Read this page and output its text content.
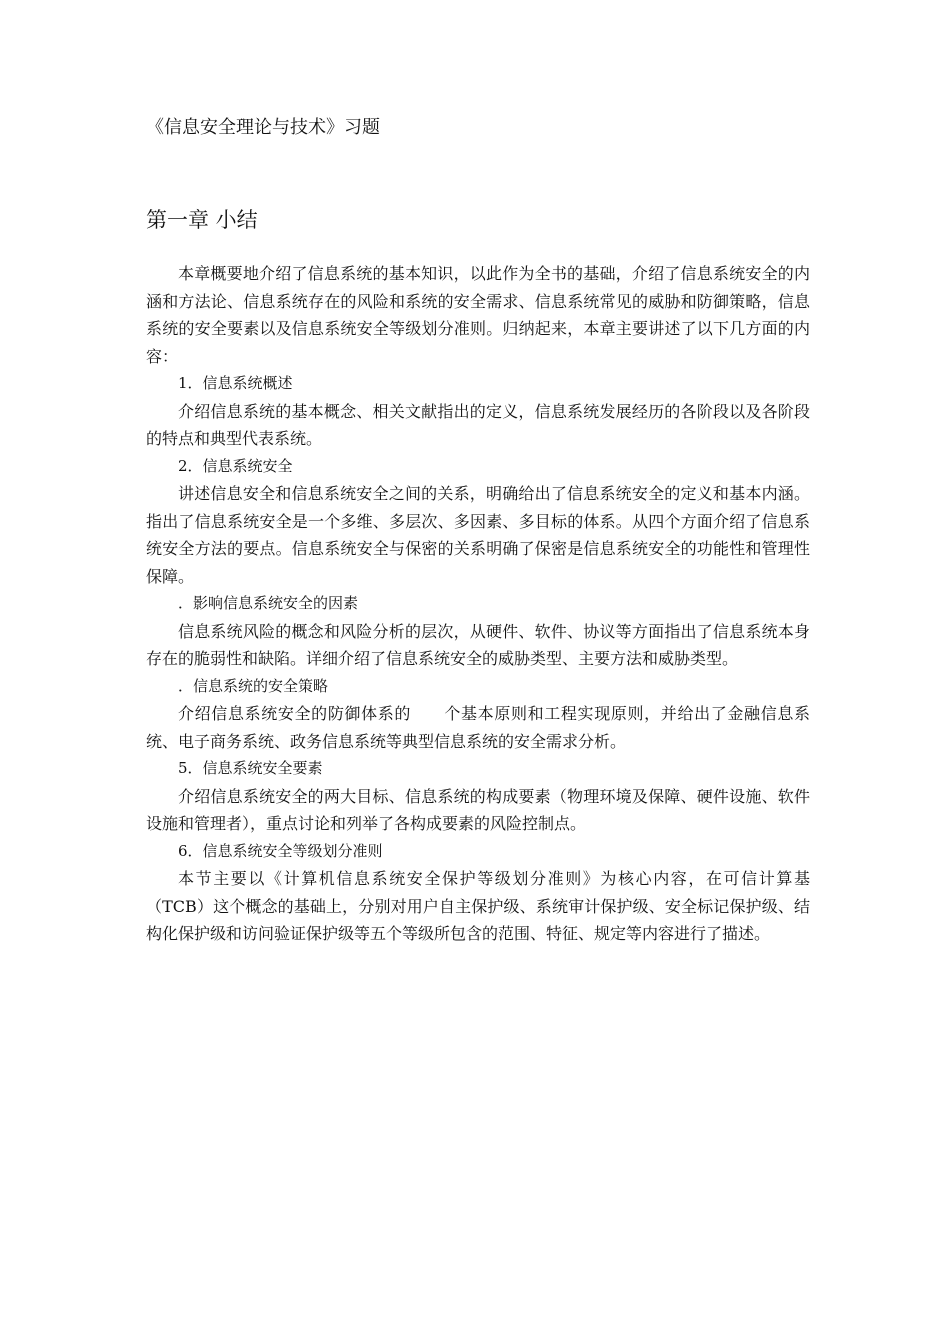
《信息安全理论与技术》习题
第一章 小结

本章概要地介绍了信息系统的基本知识，以此作为全书的基础，介绍了信息系统安全的内涵和方法论、信息系统存在的风险和系统的安全需求、信息系统常见的威胁和防御策略，信息系统的安全要素以及信息系统安全等级划分准则。归纳起来，本章主要讲述了以下几方面的内容：

1．信息系统概述

介绍信息系统的基本概念、相关文献指出的定义，信息系统发展经历的各阶段以及各阶段的特点和典型代表系统。

2．信息系统安全

讲述信息安全和信息系统安全之间的关系，明确给出了信息系统安全的定义和基本内涵。指出了信息系统安全是一个多维、多层次、多因素、多目标的体系。从四个方面介绍了信息系统安全方法的要点。信息系统安全与保密的关系明确了保密是信息系统安全的功能性和管理性保障。

．影响信息系统安全的因素

信息系统风险的概念和风险分析的层次，从硬件、软件、协议等方面指出了信息系统本身存在的脆弱性和缺陷。详细介绍了信息系统安全的威胁类型、主要方法和威胁类型。

．信息系统的安全策略

介绍信息系统安全的防御体系的　　个基本原则和工程实现原则，并给出了金融信息系统、电子商务系统、政务信息系统等典型信息系统的安全需求分析。

5．信息系统安全要素

介绍信息系统安全的两大目标、信息系统的构成要素（物理环境及保障、硬件设施、软件设施和管理者），重点讨论和列举了各构成要素的风险控制点。

6．信息系统安全等级划分准则

本节主要以《计算机信息系统安全保护等级划分准则》为核心内容，在可信计算基（TCB）这个概念的基础上，分别对用户自主保护级、系统审计保护级、安全标记保护级、结构化保护级和访问验证保护级等五个等级所包含的范围、特征、规定等内容进行了描述。
